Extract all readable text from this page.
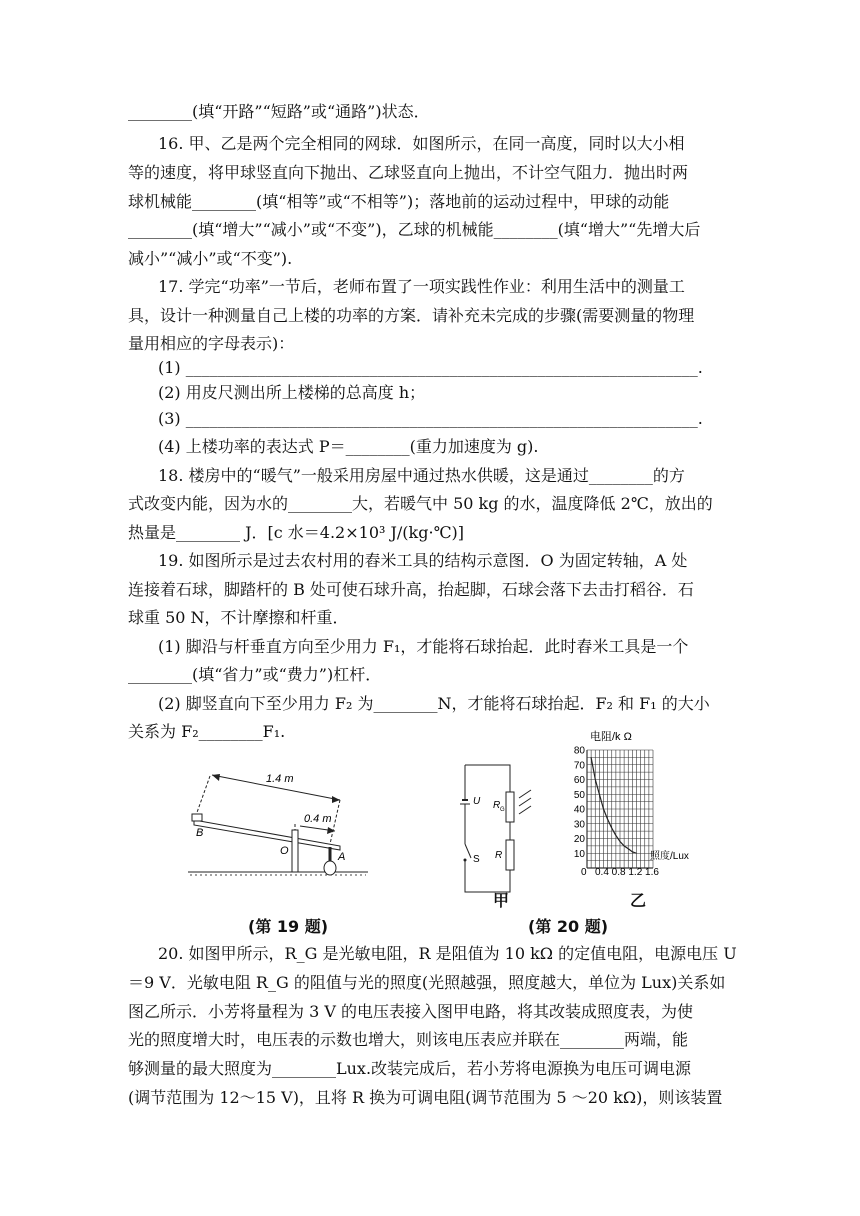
________(填“开路”“短路”或“通路”)状态．
16. 甲、乙是两个完全相同的网球．如图所示，在同一高度，同时以大小相
等的速度，将甲球竖直向下抛出、乙球竖直向上抛出，不计空气阻力．抛出时两
球机械能________(填“相等”或“不相等”)；落地前的运动过程中，甲球的动能
________(填“增大”“减小”或“不变”)，乙球的机械能________(填“增大”“先增大后
减小”“减小”或“不变”).
17. 学完“功率”一节后，老师布置了一项实践性作业：利用生活中的测量工
具，设计一种测量自己上楼的功率的方案．请补充未完成的步骤(需要测量的物理
量用相应的字母表示)：
(1) ________________________________________________________________.
(2) 用皮尺测出所上楼梯的总高度 h；
(3) ________________________________________________________________.
(4) 上楼功率的表达式 P＝________(重力加速度为 g).
18. 楼房中的“暖气”一般采用房屋中通过热水供暖，这是通过________的方
式改变内能，因为水的________大，若暖气中 50 kg 的水，温度降低 2℃，放出的
热量是________ J．[c 水＝4.2×10³ J/(kg·℃)]
19. 如图所示是过去农村用的舂米工具的结构示意图．O 为固定转轴，A 处
连接着石球，脚踏杆的 B 处可使石球升高，抬起脚，石球会落下去击打稻谷．石
球重 50 N，不计摩擦和杆重．
(1) 脚沿与杆垂直方向至少用力 F₁，才能将石球抬起．此时舂米工具是一个
________(填“省力”或“费力”)杠杆．
(2) 脚竖直向下至少用力 F₂ 为________N，才能将石球抬起．F₂ 和 F₁ 的大小
关系为 F₂________F₁.
1.4 m
0.4 m
B
O	A
(第 19 题)
U R G
S R
甲
10
20
30
40
50
60
70
80
电阻/k Ω
照度/Lux
0 0.4 0.8 1.2 1.6
乙
(第 20 题)
20. 如图甲所示，R_G 是光敏电阻，R 是阻值为 10 kΩ 的定值电阻，电源电压 U
＝9 V．光敏电阻 R_G 的阻值与光的照度(光照越强，照度越大，单位为 Lux)关系如
图乙所示．小芳将量程为 3 V 的电压表接入图甲电路，将其改装成照度表，为使
光的照度增大时，电压表的示数也增大，则该电压表应并联在________两端，能
够测量的最大照度为________Lux.改装完成后，若小芳将电源换为电压可调电源
(调节范围为 12～15 V)，且将 R 换为可调电阻(调节范围为 5 ～20 kΩ)，则该装置
